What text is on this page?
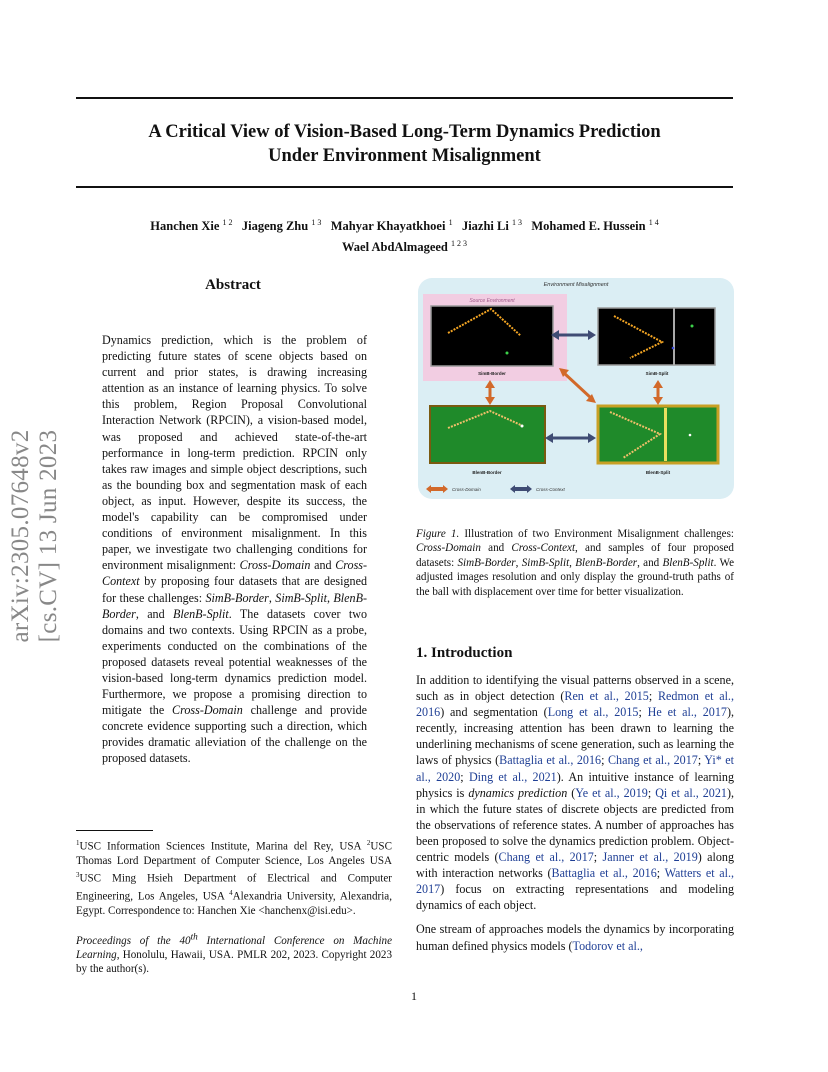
A Critical View of Vision-Based Long-Term Dynamics Prediction
Under Environment Misalignment
Hanchen Xie $^{1 2}$ Jiageng Zhu $^{1 3}$ Mahyar Khayatkhoei $^1$ Jiazhi Li $^{1 3}$ Mohamed E. Hussein $^{1 4}$
Wael AbdAlmageed $^{1 2 3}$
arXiv:2305.07648v2 [cs.CV] 13 Jun 2023
Abstract
Dynamics prediction, which is the problem of predicting future states of scene objects based on current and prior states, is drawing increasing attention as an instance of learning physics. To solve this problem, Region Proposal Convolutional Interaction Network (RPCIN), a vision-based model, was proposed and achieved state-of-the-art performance in long-term prediction. RPCIN only takes raw images and simple object descriptions, such as the bounding box and segmentation mask of each object, as input. However, despite its success, the model's capability can be compromised under conditions of environment misalignment. In this paper, we investigate two challenging conditions for environment misalignment: Cross-Domain and Cross-Context by proposing four datasets that are designed for these challenges: SimB-Border, SimB-Split, BlenB-Border, and BlenB-Split. The datasets cover two domains and two contexts. Using RPCIN as a probe, experiments conducted on the combinations of the proposed datasets reveal potential weaknesses of the vision-based long-term dynamics prediction model. Furthermore, we propose a promising direction to mitigate the Cross-Domain challenge and provide concrete evidence supporting such a direction, which provides dramatic alleviation of the challenge on the proposed datasets.
$^1$USC Information Sciences Institute, Marina del Rey, USA $^2$USC Thomas Lord Department of Computer Science, Los Angeles USA $^3$USC Ming Hsieh Department of Electrical and Computer Engineering, Los Angeles, USA $^4$Alexandria University, Alexandria, Egypt. Correspondence to: Hanchen Xie <hanchenx@isi.edu>.
Proceedings of the 40th International Conference on Machine Learning, Honolulu, Hawaii, USA. PMLR 202, 2023. Copyright 2023 by the author(s).
Environment Misalignment
Source Environment
SimB-Border	SimB-Split
BlenB-Border	BlenB-Split
Cross-Domain	Cross-Context
Figure 1. Illustration of two Environment Misalignment challenges: Cross-Domain and Cross-Context, and samples of four proposed datasets: SimB-Border, SimB-Split, BlenB-Border, and BlenB-Split. We adjusted images resolution and only display the ground-truth paths of the ball with displacement over time for better visualization.
1. Introduction

In addition to identifying the visual patterns observed in a scene, such as in object detection (Ren et al., 2015; Redmon et al., 2016) and segmentation (Long et al., 2015; He et al., 2017), recently, increasing attention has been drawn to learning the underlining mechanisms of scene generation, such as learning the laws of physics (Battaglia et al., 2016; Chang et al., 2017; Yi* et al., 2020; Ding et al., 2021). An intuitive instance of learning physics is dynamics prediction (Ye et al., 2019; Qi et al., 2021), in which the future states of discrete objects are predicted from the observations of reference states. A number of approaches has been proposed to solve the dynamics prediction problem. Object-centric models (Chang et al., 2017; Janner et al., 2019) along with interaction networks (Battaglia et al., 2016; Watters et al., 2017) focus on extracting representations and modeling dynamics of each object.

One stream of approaches models the dynamics by incorporating human defined physics models (Todorov et al.,

1
